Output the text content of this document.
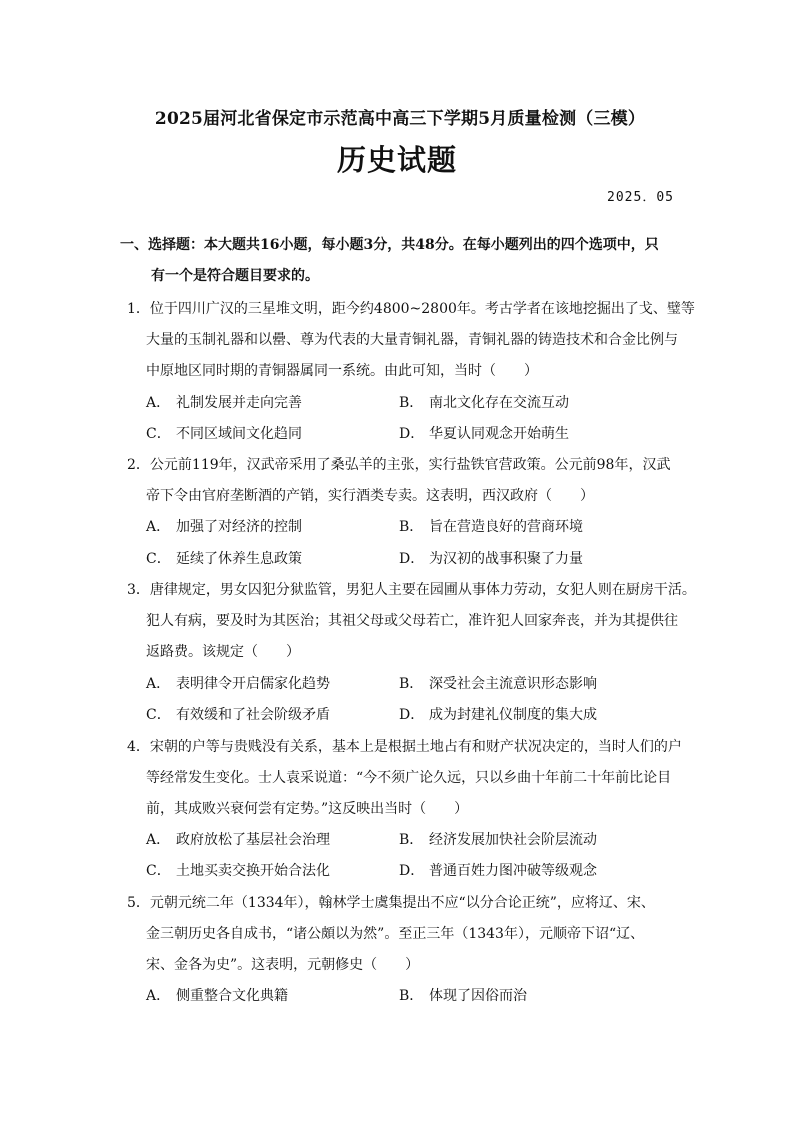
2025届河北省保定市示范高中高三下学期5月质量检测（三模）
历史试题
2025．05
一、选择题：本大题共16小题，每小题3分，共48分。在每小题列出的四个选项中，只
有一个是符合题目要求的。
1．位于四川广汉的三星堆文明，距今约4800~2800年。考古学者在该地挖掘出了戈、璧等
大量的玉制礼器和以罍、尊为代表的大量青铜礼器，青铜礼器的铸造技术和合金比例与
中原地区同时期的青铜器属同一系统。由此可知，当时（　　）
A． 礼制发展并走向完善	B． 南北文化存在交流互动
C． 不同区域间文化趋同	D． 华夏认同观念开始萌生
2．公元前119年，汉武帝采用了桑弘羊的主张，实行盐铁官营政策。公元前98年，汉武
帝下令由官府垄断酒的产销，实行酒类专卖。这表明，西汉政府（　　）
A． 加强了对经济的控制	B． 旨在营造良好的营商环境
C． 延续了休养生息政策	D． 为汉初的战事积聚了力量
3．唐律规定，男女囚犯分狱监管，男犯人主要在园圃从事体力劳动，女犯人则在厨房干活。
犯人有病，要及时为其医治；其祖父母或父母若亡，准许犯人回家奔丧，并为其提供往
返路费。该规定（　　）
A． 表明律令开启儒家化趋势	B． 深受社会主流意识形态影响
C． 有效缓和了社会阶级矛盾	D． 成为封建礼仪制度的集大成
4．宋朝的户等与贵贱没有关系，基本上是根据土地占有和财产状况决定的，当时人们的户
等经常发生变化。士人袁采说道：“今不须广论久远，只以乡曲十年前二十年前比论目
前，其成败兴衰何尝有定势。”这反映出当时（　　）
A． 政府放松了基层社会治理	B． 经济发展加快社会阶层流动
C． 土地买卖交换开始合法化	D． 普通百姓力图冲破等级观念
5．元朝元统二年（1334年），翰林学士虞集提出不应“以分合论正统”，应将辽、宋、
金三朝历史各自成书，“诸公頗以为然”。至正三年（1343年），元顺帝下诏“辽、
宋、金各为史”。这表明，元朝修史（　　）
A． 侧重整合文化典籍	B． 体现了因俗而治
